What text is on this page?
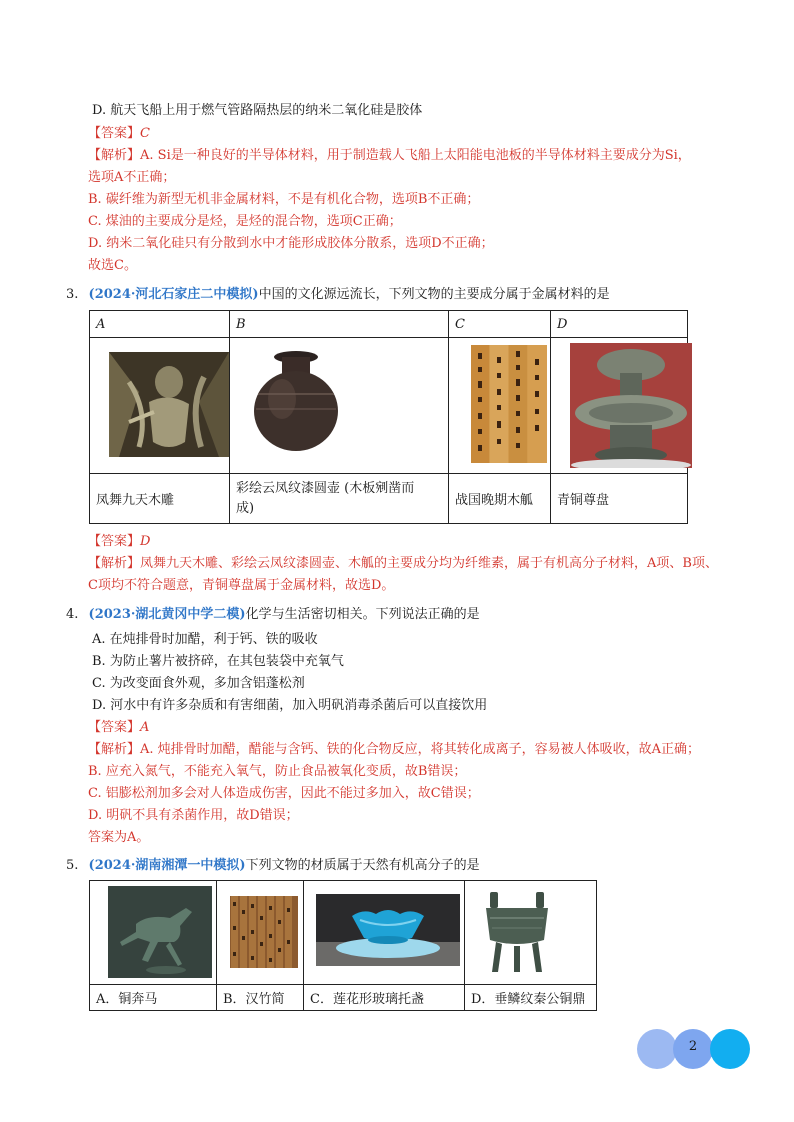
D. 航天飞船上用于燃气管路隔热层的纳米二氧化硅是胶体
【答案】C
【解析】A. Si是一种良好的半导体材料，用于制造载人飞船上太阳能电池板的半导体材料主要成分为Si，
选项A不正确；
B. 碳纤维为新型无机非金属材料，不是有机化合物，选项B不正确；
C. 煤油的主要成分是烃，是烃的混合物，选项C正确；
D. 纳米二氧化硅只有分散到水中才能形成胶体分散系，选项D不正确；
故选C。
3. (2024·河北石家庄二中模拟)中国的文化源远流长，下列文物的主要成分属于金属材料的是
A	B	C	D

凤舞九天木雕	彩绘云凤纹漆圆壶 (木板剜凿而
成)	战国晚期木觚	青铜尊盘
【答案】D
【解析】凤舞九天木雕、彩绘云凤纹漆圆壶、木觚的主要成分均为纤维素，属于有机高分子材料，A项、B项、
C项均不符合题意，青铜尊盘属于金属材料，故选D。
4. (2023·湖北黄冈中学二模)化学与生活密切相关。下列说法正确的是
A. 在炖排骨时加醋，利于钙、铁的吸收
B. 为防止薯片被挤碎，在其包装袋中充氧气
C. 为改变面食外观，多加含铝蓬松剂
D. 河水中有许多杂质和有害细菌，加入明矾消毒杀菌后可以直接饮用
【答案】A
【解析】A. 炖排骨时加醋，醋能与含钙、铁的化合物反应，将其转化成离子，容易被人体吸收，故A正确；
B. 应充入氮气，不能充入氧气，防止食品被氧化变质，故B错误；
C. 铝膨松剂加多会对人体造成伤害，因此不能过多加入，故C错误；
D. 明矾不具有杀菌作用，故D错误；
答案为A。
5. (2024·湖南湘潭一中模拟)下列文物的材质属于天然有机高分子的是

A．铜奔马	B．汉竹简	C．莲花形玻璃托盏	D．垂鳞纹秦公铜鼎
2
